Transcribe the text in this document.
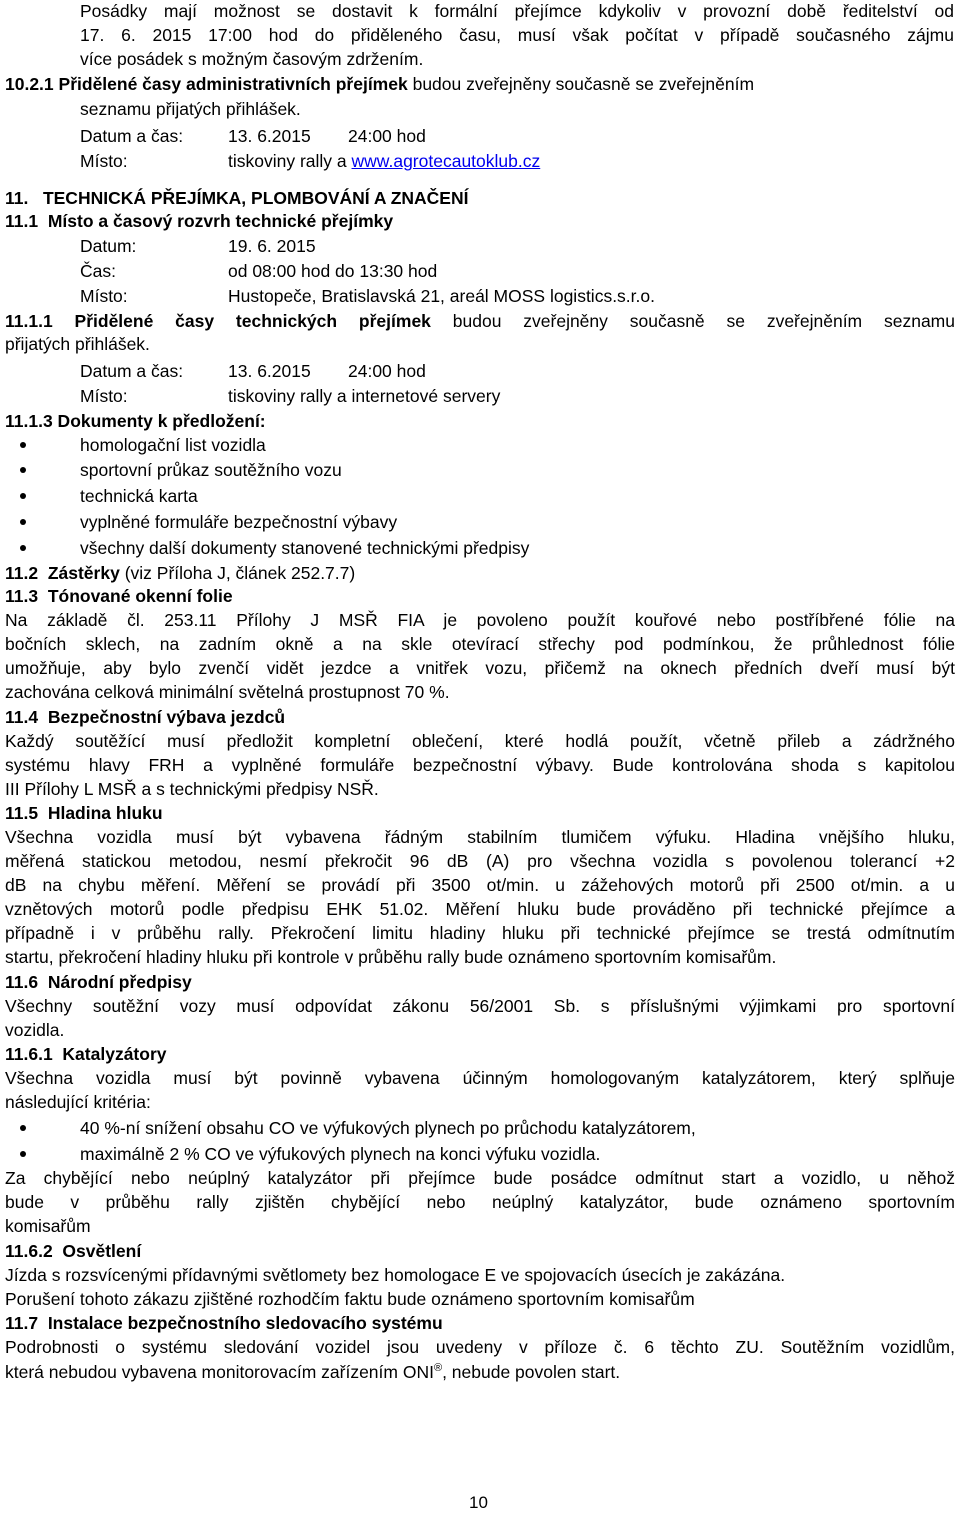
Posádky mají možnost se dostavit k formální přejímce kdykoliv v provozní době ředitelství od
17. 6. 2015 17:00 hod do přiděleného času, musí však počítat v případě současného zájmu
více posádek s možným časovým zdržením.
10.2.1 Přidělené časy administrativních přejímek budou zveřejněny současně se zveřejněním
seznamu přijatých přihlášek.
Datum a čas:	13. 6.2015 24:00 hod
Místo:	tiskoviny rally a www.agrotecautoklub.cz
11.   TECHNICKÁ PŘEJÍMKA, PLOMBOVÁNÍ A ZNAČENÍ
11.1  Místo a časový rozvrh technické přejímky
Datum:	19. 6. 2015
Čas:	od 08:00 hod do 13:30 hod
Místo:	Hustopeče, Bratislavská 21, areál MOSS logistics.s.r.o.
11.1.1 Přidělené časy technických přejímek budou zveřejněny současně se zveřejněním seznamu
přijatých přihlášek.
Datum a čas:	13. 6.2015 24:00 hod
Místo:	tiskoviny rally a internetové servery
11.1.3 Dokumenty k předložení:
homologační list vozidla
sportovní průkaz soutěžního vozu
technická karta
vyplněné formuláře bezpečnostní výbavy
všechny další dokumenty stanovené technickými předpisy
11.2  Zástěrky (viz Příloha J, článek 252.7.7)
11.3  Tónované okenní folie
Na základě čl. 253.11 Přílohy J MSŘ FIA je povoleno použít kouřové nebo postříbřené fólie na
bočních sklech, na zadním okně a na skle otevírací střechy pod podmínkou, že průhlednost fólie
umožňuje, aby bylo zvenčí vidět jezdce a vnitřek vozu, přičemž na oknech předních dveří musí být
zachována celková minimální světelná prostupnost 70 %.
11.4  Bezpečnostní výbava jezdců
Každý soutěžící musí předložit kompletní oblečení, které hodlá použít, včetně přileb a zádržného
systému hlavy FRH a vyplněné formuláře bezpečnostní výbavy. Bude kontrolována shoda s kapitolou
III Přílohy L MSŘ a s technickými předpisy NSŘ.
11.5  Hladina hluku
Všechna vozidla musí být vybavena řádným stabilním tlumičem výfuku. Hladina vnějšího hluku,
měřená statickou metodou, nesmí překročit 96 dB (A) pro všechna vozidla s povolenou tolerancí +2
dB na chybu měření. Měření se provádí při 3500 ot/min. u zážehových motorů při 2500 ot/min. a u
vznětových motorů podle předpisu EHK 51.02. Měření hluku bude prováděno při technické přejímce a
případně i v průběhu rally. Překročení limitu hladiny hluku při technické přejímce se trestá odmítnutím
startu, překročení hladiny hluku při kontrole v průběhu rally bude oznámeno sportovním komisařům.
11.6  Národní předpisy
Všechny soutěžní vozy musí odpovídat zákonu 56/2001 Sb. s příslušnými výjimkami pro sportovní
vozidla.
11.6.1  Katalyzátory
Všechna vozidla musí být povinně vybavena účinným homologovaným katalyzátorem, který splňuje
následující kritéria:
40 %-ní snížení obsahu CO ve výfukových plynech po průchodu katalyzátorem,
maximálně 2 % CO ve výfukových plynech na konci výfuku vozidla.
Za chybějící nebo neúplný katalyzátor při přejímce bude posádce odmítnut start a vozidlo, u něhož
bude v průběhu rally zjištěn chybějící nebo neúplný katalyzátor, bude oznámeno sportovním
komisařům
11.6.2  Osvětlení
Jízda s rozsvícenými přídavnými světlomety bez homologace E ve spojovacích úsecích je zakázána.
Porušení tohoto zákazu zjištěné rozhodčím faktu bude oznámeno sportovním komisařům
11.7  Instalace bezpečnostního sledovacího systému
Podrobnosti o systému sledování vozidel jsou uvedeny v příloze č. 6 těchto ZU. Soutěžním vozidlům,
která nebudou vybavena monitorovacím zařízením ONI®, nebude povolen start.
10
